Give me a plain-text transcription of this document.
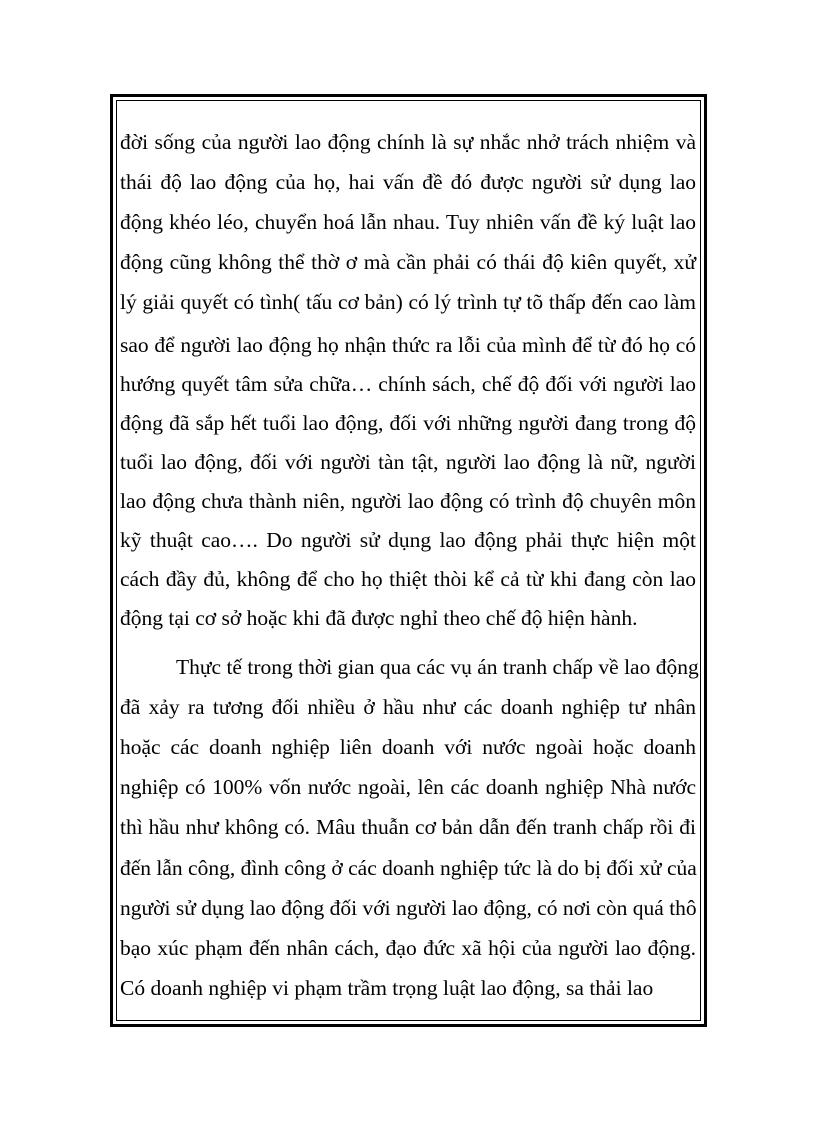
đời sống của người lao động chính là sự nhắc nhở trách nhiệm và
thái độ lao động của họ, hai vấn đề đó được người sử dụng lao
động khéo léo, chuyển hoá lẫn nhau. Tuy nhiên vấn đề ký luật lao
động cũng không thể thờ ơ mà cần phải có thái độ kiên quyết, xử
lý giải quyết có tình( tấu cơ bản) có lý trình tự tõ thấp đến cao làm
sao để người lao động họ nhận thức ra lỗi của mình để từ đó họ có
hướng quyết tâm sửa chữa… chính sách, chế độ đối với người lao
động đã sắp hết tuổi lao động, đối với những người đang trong độ
tuổi lao động, đối với người tàn tật, người lao động là nữ, người
lao động chưa thành niên, người lao động có trình độ chuyên môn
kỹ thuật cao…. Do người sử dụng lao động phải thực hiện một
cách đầy đủ, không để cho họ thiệt thòi kể cả từ khi đang còn lao
động tại cơ sở hoặc khi đã được nghỉ theo chế độ hiện hành.
Thực tế trong thời gian qua các vụ án tranh chấp về lao động
đã xảy ra tương đối nhiều ở hầu như các doanh nghiệp tư nhân
hoặc các doanh nghiệp liên doanh với nước ngoài hoặc doanh
nghiệp có 100% vốn nước ngoài, lên các doanh nghiệp Nhà nước
thì hầu như không có. Mâu thuẫn cơ bản dẫn đến tranh chấp rồi đi
đến lẫn công, đình công ở các doanh nghiệp tức là do bị đối xử của
người sử dụng lao động đối với người lao động, có nơi còn quá thô
bạo xúc phạm đến nhân cách, đạo đức xã hội của người lao động.
Có doanh nghiệp vi phạm trầm trọng luật lao động, sa thải lao
